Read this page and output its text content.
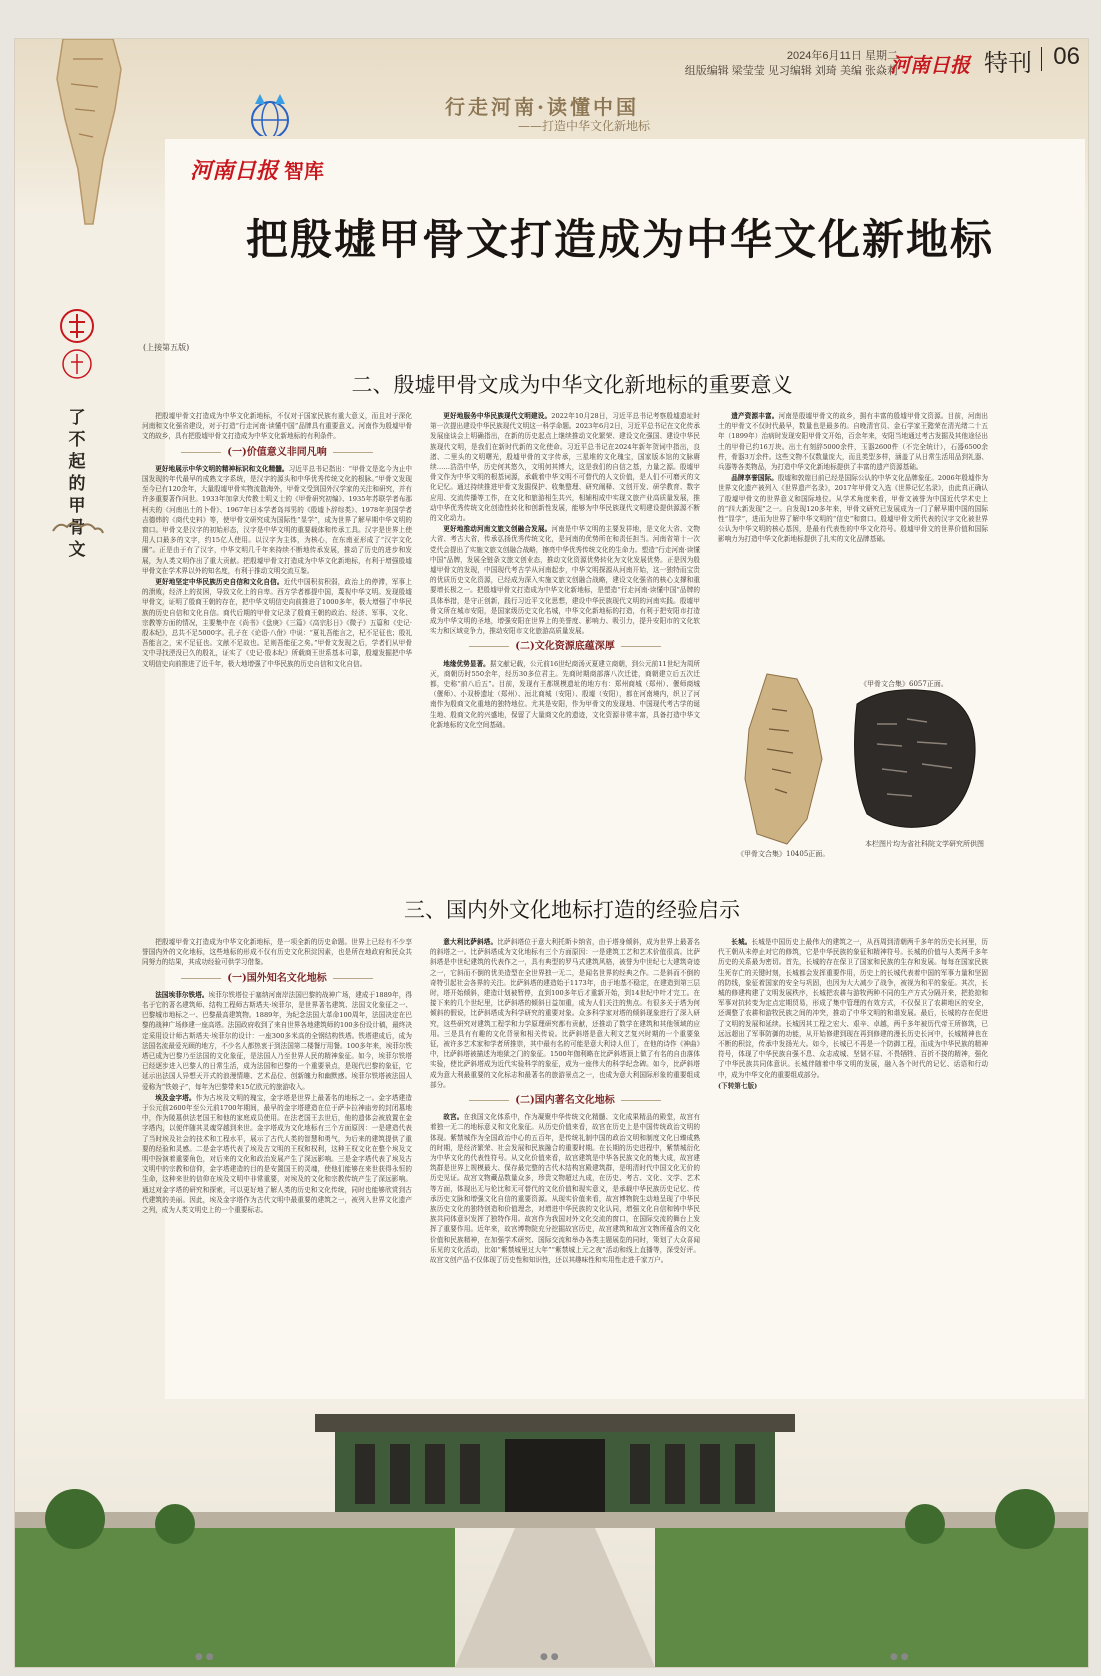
2024年6月11日 星期二
组版编辑 梁莹莹 见习编辑 刘琦 美编 张焱莉
河南日报 特刊 06
行走河南·读懂中国
——打造中华文化新地标
河南日报 智库
把殷墟甲骨文打造成为中华文化新地标
了不起的甲骨文
(上接第五版)
二、殷墟甲骨文成为中华文化新地标的重要意义

把殷墟甲骨文打造成为中华文化新地标，不仅对于国家民族有重大意义，而且对于深化河南和文化强省建设，对于打造“行走河南·读懂中国”品牌具有重要意义。河南作为殷墟甲骨文的故乡，具有把殷墟甲骨文打造成为中华文化新地标的有利条件。

(一)价值意义非同凡响

更好地展示中华文明的精神标识和文化精髓。习近平总书记指出：“甲骨文是迄今为止中国发现的年代最早的成熟文字系统，是汉字的源头和中华优秀传统文化的根脉。”甲骨文发现至今已有120余年，大量殷墟甲骨实物流散海外，甲骨文受到国外汉学家的关注和研究，并有许多重要著作问世。1933年加拿大传教士明义士的《甲骨研究初编》、1935年苏联学者布那柯夫的《河南出土的卜骨》、1967年日本学者岛邦男的《殷墟卜辞综类》、1978年美国学者吉德炜的《商代史料》等，使甲骨文研究成为国际性“显学”，成为世界了解早期中华文明的窗口。甲骨文是汉字的初始形态，汉字是中华文明的重要载体和传承工具。汉字是世界上使用人口最多的文字，约15亿人使用。以汉字为主体，为核心，在东南亚形成了“汉字文化圈”。正是由于有了汉字，中华文明几千年来持续不断地传承发展，推动了历史的进步和发展，为人类文明作出了重大贡献。把殷墟甲骨文打造成为中华文化新地标，有利于增强殷墟甲骨文在学术界以外的知名度，有利于推动文明交流互鉴。

更好地坚定中华民族历史自信和文化自信。近代中国积贫积弱，政治上的停滞，军事上的溃败，经济上的贫困，导致文化上的自卑。西方学者都提中国，蔑视中华文明。发现殷墟甲骨文，证明了殷商王朝的存在，把中华文明信史向前推进了1000多年，极大增强了中华民族的历史自信和文化自信。商代后期的甲骨文记录了殷商王朝的政治、经济、军事、文化、宗教等方面的情况，主要集中在《尚书》《盘庚》《三篇》《高宗肜日》《微子》五篇和《史记·殷本纪》，总共不足5000字。孔子在《论语·八佾》中说：“夏礼吾能言之，杞不足征也；殷礼吾能言之，宋不足征也。文献不足故也。足则吾能征之矣。”甲骨文发现之后，学者们从甲骨文中寻找湮没已久的殷礼，证实了《史记·殷本纪》所载商王世系基本可靠，殷墟发掘把中华文明信史向前推进了近千年，极大地增强了中华民族的历史自信和文化自信。

更好地服务中华民族现代文明建设。2022年10月28日，习近平总书记考察殷墟遗址时第一次提出建设中华民族现代文明这一科学命题。2023年6月2日，习近平总书记在文化传承发展座谈会上明确指出，在新的历史起点上继续推动文化繁荣、建设文化强国、建设中华民族现代文明，是我们在新时代新的文化使命。习近平总书记在2024年新年贺词中指出，良渚、二里头的文明曙光，殷墟甲骨的文字传承，三星堆的文化瑰宝，国家版本馆的文脉赓续……浩浩中华，历史何其悠久，文明何其博大，这是我们的自信之基，力量之源。殷墟甲骨文作为中华文明的根基词源，承载着中华文明不可替代的人文价值，是人们不可磨灭的文化记忆。通过持续推进甲骨文发掘保护、收集整理、研究阐释、文创开发、研学教育、数字应用、交流传播等工作，在文化和旅游相生共兴，相辅相成中实现文旅产业高质量发展，推动中华优秀传统文化创造性转化和创新性发展，能够为中华民族现代文明建设提供源源不断的文化动力。

更好地推动河南文旅文创融合发展。河南是中华文明的主要发祥地，是文化大省、文物大省、考古大省，传承弘扬优秀传统文化，是河南的优势所在和责任担当。河南省第十一次党代会提出了实施文旅文创融合战略，擦亮中华优秀传统文化的生命力。塑造“行走河南·读懂中国”品牌，发展全链条文旅文创业态，推动文化资源优势转化为文化发展优势。正是因为殷墟甲骨文的发现，中国现代考古学从河南起步，中华文明探源从河南开始，这一独特而宝贵的优质历史文化资源，已经成为深入实施文旅文创融合战略，建设文化强省的核心支撑和重要增长极之一。把殷墟甲骨文打造成为中华文化新地标，是塑造“行走河南·读懂中国”品牌的具体举措，是守正创新，践行习近平文化思想，建设中华民族现代文明的河南实践。殷墟甲骨文所在城市安阳，是国家级历史文化名城，中华文化新地标的打造，有利于把安阳市打造成为中华文明的圣地，增强安阳在世界上的美誉度、影响力、吸引力，提升安阳市的文化软实力和区域竞争力，推动安阳市文化旅游高质量发展。

(二)文化资源底蕴深厚

地缘优势显著。据文献记载，公元前16世纪商汤灭夏建立商朝，到公元前11世纪为周所灭，商朝历时550余年，经历30多位君主。先商时期商部落八次迁徙，商朝建立后五次迁都，史称“前八后五”。目前，发现有王都规模遗址的地方有：郑州商城（郑州）、偃师商城（偃师）、小双桥遗址（郑州）、洹北商城（安阳）、殷墟（安阳），都在河南境内，织卫了河南作为殷商文化重地的独特地位。尤其是安阳，作为甲骨文的发现地、中国现代考古学的诞生地、殷商文化的兴盛地，保留了大量商文化的遗迹，文化资源非常丰富，具备打造中华文化新地标的文化空间基础。

遗产资源丰富。河南是殷墟甲骨文的故乡，拥有丰富的殷墟甲骨文资源。目前，河南出土的甲骨文不仅时代最早，数量也是最多的。自晚清官员、金石学家王懿荣在清光绪二十五年（1899年）治病时发现安阳甲骨文开始，百余年来，安阳当地通过考古发掘及其他途径出土的甲骨已约16万块。出土有刻辞5000余件，玉器2600件（不完全统计），石器6500余件，骨器3万余件。这些文物不仅数量庞大，而且类型多样，涵盖了从日常生活用品到礼器、兵器等各类物品，为打造中华文化新地标提供了丰富的遗产资源基础。

品牌享誉国际。殷墟和敦煌目前已经是国际公认的中华文化品牌象征。2006年殷墟作为世界文化遗产被列入《世界遗产名录》，2017年甲骨文入选《世界记忆名录》，由此真正确认了殷墟甲骨文的世界意义和国际地位。从学术角度来看，甲骨文被誉为中国近代学术史上的“四大新发现”之一。自发现120多年来，甲骨文研究已发展成为一门了解早期中国的国际性“显学”，进而为世界了解中华文明的“信史”和窗口。殷墟甲骨文所代表的汉字文化被世界公认为中华文明的核心基因，是最有代表性的中华文化符号。殷墟甲骨文的世界价值和国际影响力为打造中华文化新地标提供了扎实的文化品牌基础。

《甲骨文合集》6057正面。
《甲骨文合集》10405正面。
本栏图片均为省社科院文学研究所供图
三、国内外文化地标打造的经验启示

把殷墟甲骨文打造成为中华文化新地标，是一项全新的历史命题。世界上已经有不少享誉国内外的文化地标，这些地标的形成不仅有历史文化积淀因素，也是所在地政府和民众共同努力的结果，其成功经验可供学习借鉴。

(一)国外知名文化地标

法国埃菲尔铁塔。埃菲尔铁塔位于塞纳河南岸法国巴黎的战神广场，建成于1889年，得名于它的著名建筑师、结构工程师古斯塔夫·埃菲尔，是世界著名建筑、法国文化象征之一、巴黎城市地标之一、巴黎最高建筑物。1889年，为纪念法国大革命100周年，法国决定在巴黎的战神广场修建一座高塔。法国政府收到了来自世界各地建筑师的100多份设计稿，最终决定采用设计师古斯塔夫·埃菲尔的设计：一座300多米高的全钢结构铁塔。铁塔建成后，成为法国名流最爱光顾的地方，不少名人都热衷于到法国第二楼餐厅用餐。100多年来，埃菲尔铁塔已成为巴黎乃至法国的文化象征，是法国人乃至世界人民的精神象征。如今，埃菲尔铁塔已经逐步进入巴黎人的日常生活，成为法国和巴黎的一个重要景点，是现代巴黎的象征，它延示出法国人异想天开式的浪漫情趣、艺术品位、创新魄力和幽默感。埃菲尔铁塔被法国人爱称为“铁娘子”，每年为巴黎带来15亿欧元的旅游收入。

埃及金字塔。作为古埃及文明的瑰宝，金字塔是世界上最著名的地标之一。金字塔建造于公元前2600年至公元前1700年期间，最早的金字塔建造在位于萨卡拉神庙旁的封闭墓地中，作为陵墓供法老国王和他的家庭成员使用。在法老国王去世后，他的遗体会被放置在金字塔内，以便伴随其灵魂穿越到来世。金字塔成为文化地标有三个方面原因：一是建造代表了当时埃及社会的技术和工程水平，展示了古代人类的智慧和勇气，为后来的建筑提供了重要的经验和灵感。二是金字塔代表了埃及古文明的王权和权利，这种王权文化在整个埃及文明中扮演着重要角色，对后来的文化和政治发展产生了深远影响。三是金字塔代表了埃及古文明中的宗教和信仰，金字塔建造的目的是安置国王的灵魂，使他们能够在来世获得永恒的生命，这种来世的信仰在埃及文明中非常重要，对埃及的文化和宗教传统产生了深远影响。通过对金字塔的研究和探索，可以更好地了解人类的历史和文化传统，同时也能够欣赏到古代建筑的美丽。因此，埃及金字塔作为古代文明中最重要的建筑之一，被列入世界文化遗产之列，成为人类文明史上的一个重要标志。

意大利比萨斜塔。比萨斜塔位于意大利托斯卡纳省，由于塔身倾斜，成为世界上最著名的斜塔之一。比萨斜塔成为文化地标有三个方面原因：一是建筑工艺和艺术价值很高。比萨斜塔是中世纪建筑的代表作之一，具有典型的罗马式建筑风格，被誉为中世纪七大建筑奇迹之一，它斜而不倒的优美造型在全世界独一无二，是闻名世界的经典之作。二是斜而不倒的奇特引起社会各界的关注。比萨斜塔的建造始于1173年，由于地基不稳定，在建造到第三层时，塔开始倾斜，建造计划被暂停，直到100多年后才重新开始，到14世纪中叶才完工。在接下来的几个世纪里，比萨斜塔的倾斜日益加重，成为人们关注的焦点。有很多关于塔为何倾斜的假说，比萨斜塔成为科学研究的重要对象。众多科学家对塔的倾斜现象进行了深入研究，这些研究对建筑工程学和力学原理研究都有贡献，还推动了数学在建筑和其他领域的应用。三是具有有趣的文化背景和相关传说。比萨斜塔是意大利文艺复兴时期的一个重要象征，被许多艺术家和学者所推崇，其中最有名的可能是意大利诗人但丁，在他的诗作《神曲》中，比萨斜塔被描述为地狱之门的象征。1500年伽利略在比萨斜塔顶上做了有名的自由落体实验，使比萨斜塔成为近代实验科学的象征，成为一座伟大的科学纪念碑。如今，比萨斜塔成为意大利最重要的文化标志和最著名的旅游景点之一，也成为意大利国际形象的重要组成部分。

(二)国内著名文化地标

故宫。在我国文化体系中，作为凝聚中华传统文化精髓、文化成果精品的殿堂，故宫有着独一无二的地标意义和文化象征。从历史价值来看，故宫在历史上是中国传统政治文明的体现。紫禁城作为全国政治中心的五百年，是传统礼制中国的政治文明和制度文化日臻成熟的时期，是经济繁荣、社会发展和民族融合的重要时期。在长期的历史进程中，紫禁城衍化为中华文化的代表性符号。从文化价值来看，故宫建筑是中华各民族文化的集大成，故宫建筑群是世界上规模最大、保存最完整的古代木结构宫殿建筑群，是明清时代中国文化无价的历史见证。故宫文物藏品数量众多，珍贵文物超过九成，在历史、考古、文化、文学、艺术等方面，体现出无与伦比和无可替代的文化价值和现实意义，是承载中华民族历史记忆、传承历史文脉和增强文化自信的重要资源。从现实价值来看，故宫博物院生动地呈现了中华民族历史文化的独特创造和价值理念，对增进中华民族的文化认同，增强文化自信和铸中华民族共同体意识发挥了独特作用。故宫作为我国对外文化交流的窗口，在国际交流的舞台上发挥了重要作用。近年来，故宫博物院充分挖掘故宫历史，故宫建筑和故宫文物所蕴含的文化价值和民族精神，在加强学术研究、国际交流和举办各类主题展览的同时，策划了大众喜闻乐见的文化活动，比如“紫禁城里过大年”“紫禁城上元之夜”活动和线上直播等，深受好评。故宫文创产品不仅体现了历史性和知识性，还以其趣味性和实用性走进千家万户。

长城。长城是中国历史上最伟大的建筑之一，从西周到清朝两千多年的历史长河里，历代王朝从未停止对它的修筑，它是中华民族的象征和精神符号。长城的价值与人类两千多年历史的关系最为密切。首先，长城的存在保卫了国家和民族的生存和发展。每每在国家民族生死存亡的关键时刻，长城都会发挥重要作用，历史上的长城代表着中国的军事力量和坚固的防线，象征着国家的安全与巩固，也因为大大减少了战争，被视为和平的象征。其次，长城的修建构建了文明发展秩序，长城把农耕与游牧两种不同的生产方式分隔开来，把抢掠和军事对抗转变为定点定期贸易，形成了集中管理的有效方式，不仅保卫了农耕地区的安全，还调整了农耕和游牧民族之间的冲突，推动了中华文明的和谐发展。最后，长城的存在促进了文明的发展和延续。长城因其工程之宏大、艰辛、卓越，两千多年被历代帝王所修筑，已远远超出了军事防御的功能，从开始修建到现在再到修建的漫长历史长河中，长城精神也在不断的积淀，传承中发扬光大。如今，长城已不再是一个防御工程，而成为中华民族的精神符号，体现了中华民族自强不息、众志成城、坚韧不屈、不畏牺牲、百折不挠的精神，强化了中华民族共同体意识。长城伴随着中华文明的发展，融入各个时代的记忆、话语和行动中，成为中华文化的重要组成部分。

(下转第七版)

● ●	● ●	● ●
